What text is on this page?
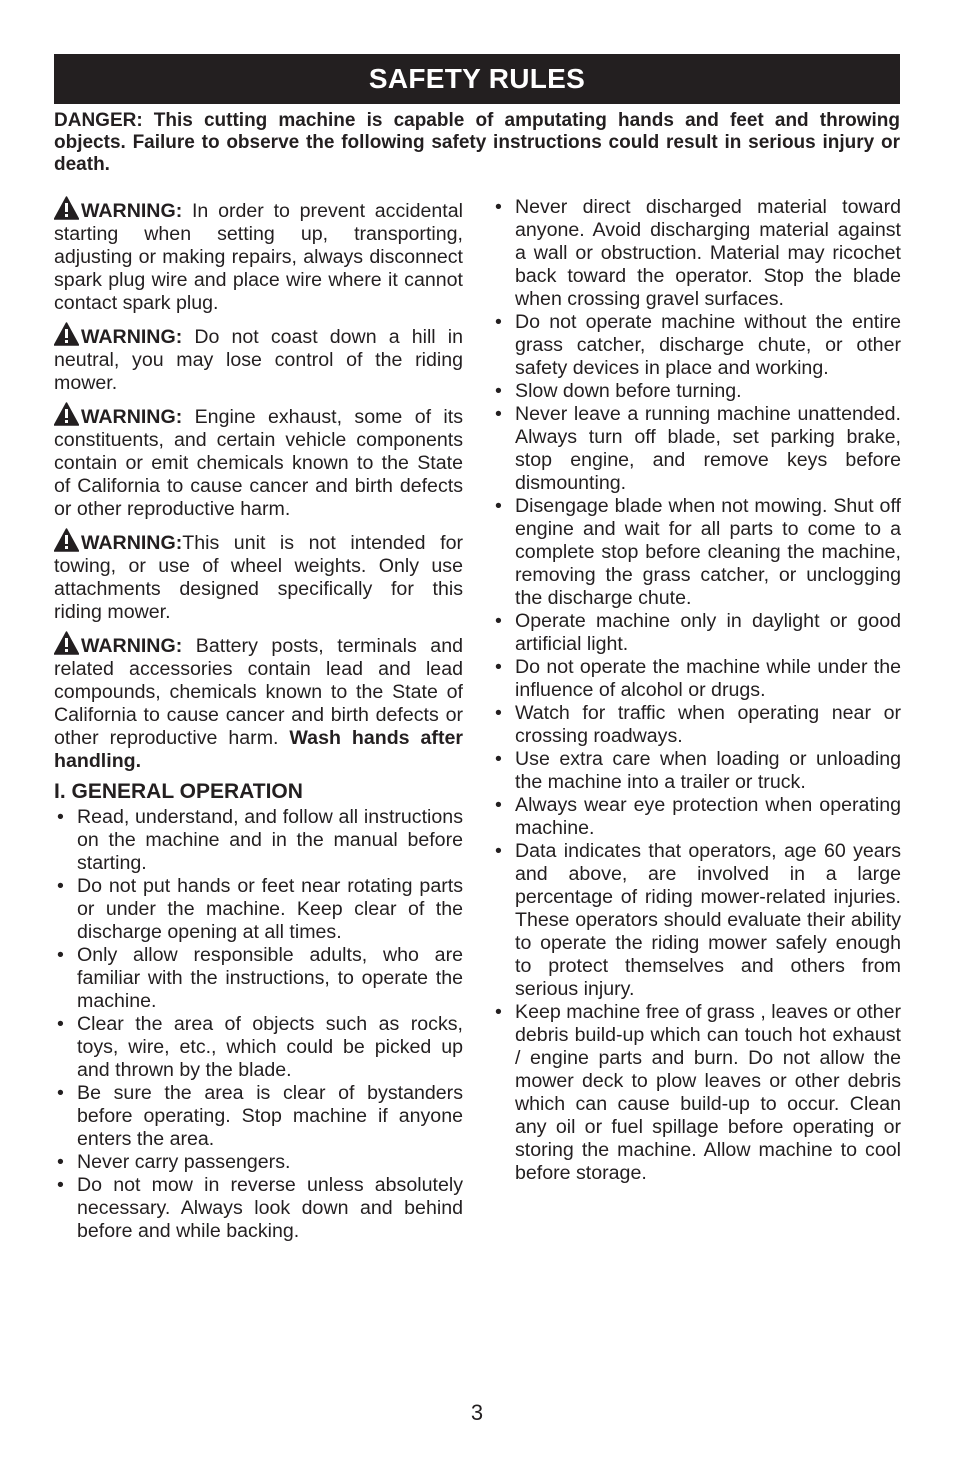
SAFETY RULES
DANGER: This cutting machine is capable of amputating hands and feet and throwing objects. Failure to observe the following safety instructions could result in serious injury or death.

WARNING: In order to prevent accidental starting when setting up, transporting, adjusting or making repairs, always disconnect spark plug wire and place wire where it cannot contact spark plug.

WARNING: Do not coast down a hill in neutral, you may lose control of the riding mower.

WARNING: Engine exhaust, some of its constituents, and certain vehicle components contain or emit chemicals known to the State of California to cause cancer and birth defects or other reproductive harm.

WARNING:This unit is not intended for towing, or use of wheel weights. Only use attachments designed specifically for this riding mower.

WARNING: Battery posts, terminals and related accessories contain lead and lead compounds, chemicals known to the State of California to cause cancer and birth defects or other reproductive harm. Wash hands after handling.

I. GENERAL OPERATION
• Read, understand, and follow all instructions on the machine and in the manual before starting.
• Do not put hands or feet near rotating parts or under the machine. Keep clear of the discharge opening at all times.
• Only allow responsible adults, who are familiar with the instructions, to operate the machine.
• Clear the area of objects such as rocks, toys, wire, etc., which could be picked up and thrown by the blade.
• Be sure the area is clear of bystanders before operating. Stop machine if anyone enters the area.
• Never carry passengers.
• Do not mow in reverse unless absolutely necessary. Always look down and behind before and while backing.
• Never direct discharged material toward anyone. Avoid discharging material against a wall or obstruction. Material may ricochet back toward the operator. Stop the blade when crossing gravel surfaces.
• Do not operate machine without the entire grass catcher, discharge chute, or other safety devices in place and working.
• Slow down before turning.
• Never leave a running machine unattended. Always turn off blade, set parking brake, stop engine, and remove keys before dismounting.
• Disengage blade when not mowing. Shut off engine and wait for all parts to come to a complete stop before cleaning the machine, removing the grass catcher, or unclogging the discharge chute.
• Operate machine only in daylight or good artificial light.
• Do not operate the machine while under the influence of alcohol or drugs.
• Watch for traffic when operating near or crossing roadways.
• Use extra care when loading or unloading the machine into a trailer or truck.
• Always wear eye protection when operating machine.
• Data indicates that operators, age 60 years and above, are involved in a large percentage of riding mower-related injuries. These operators should evaluate their ability to operate the riding mower safely enough to protect themselves and others from serious injury.
• Keep machine free of grass , leaves or other debris build-up which can touch hot exhaust / engine parts and burn. Do not allow the mower deck to plow leaves or other debris which can cause build-up to occur. Clean any oil or fuel spillage before operating or storing the machine. Allow machine to cool before storage.
3
